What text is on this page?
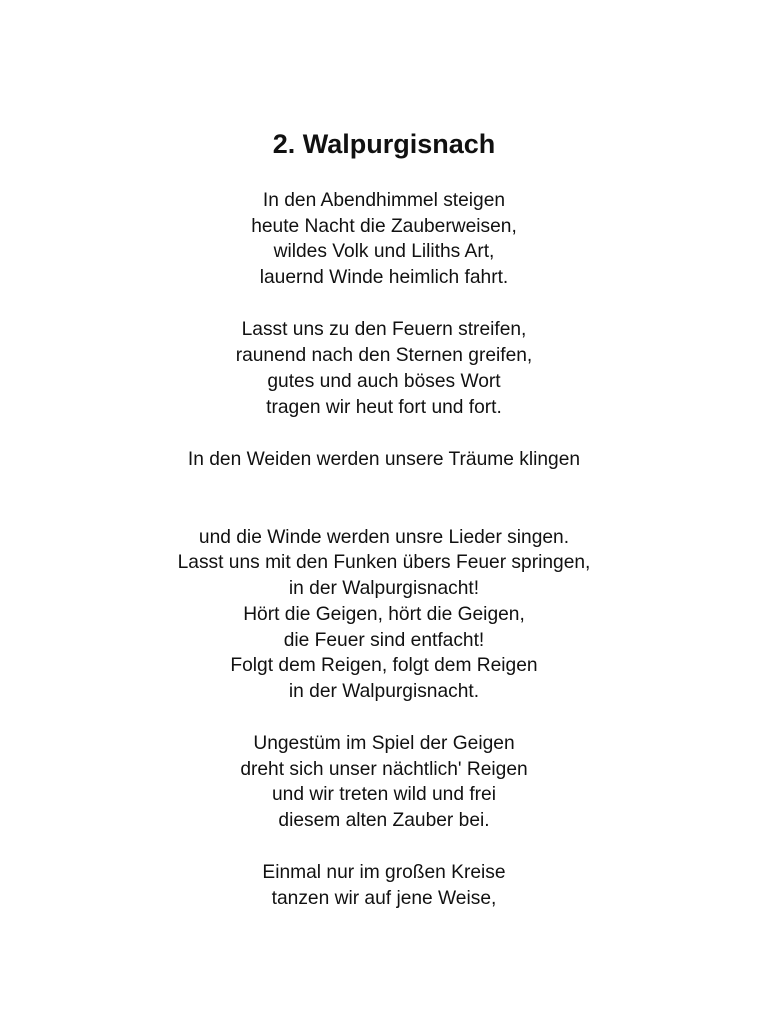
2. Walpurgisnach

In den Abendhimmel steigen

heute Nacht die Zauberweisen,

wildes Volk und Liliths Art,

lauernd Winde heimlich fahrt.

Lasst uns zu den Feuern streifen,

raunend nach den Sternen greifen,

gutes und auch böses Wort

tragen wir heut fort und fort.

In den Weiden werden unsere Träume klingen

und die Winde werden unsre Lieder singen.

Lasst uns mit den Funken übers Feuer springen,

in der Walpurgisnacht!

Hört die Geigen, hört die Geigen,

die Feuer sind entfacht!

Folgt dem Reigen, folgt dem Reigen

in der Walpurgisnacht.

Ungestüm im Spiel der Geigen

dreht sich unser nächtlich' Reigen

und wir treten wild und frei

diesem alten Zauber bei.

Einmal nur im großen Kreise

tanzen wir auf jene Weise,
